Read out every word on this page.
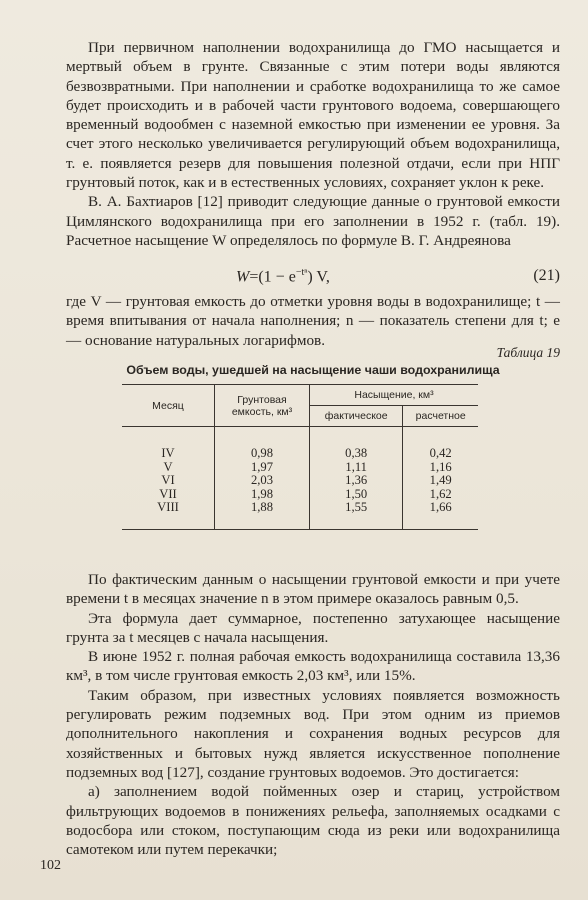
При первичном наполнении водохранилища до ГМО насыщается и мертвый объем в грунте. Связанные с этим потери воды являются безвозвратными. При наполнении и сработке водохранилища то же самое будет происходить и в рабочей части грунтового водоема, совершающего временный водообмен с наземной емкостью при изменении ее уровня. За счет этого несколько увеличивается регулирующий объем водохранилища, т. е. появляется резерв для повышения полезной отдачи, если при НПГ грунтовый поток, как и в естественных условиях, сохраняет уклон к реке.

В. А. Бахтиаров [12] приводит следующие данные о грунтовой емкости Цимлянского водохранилища при его заполнении в 1952 г. (табл. 19). Расчетное насыщение W определялось по формуле В. Г. Андреянова

$W=(1 - e^{-t^n})$ V,	(21)

где V — грунтовая емкость до отметки уровня воды в водохранилище; t — время впитывания от начала наполнения; n — показатель степени для t; e — основание натуральных логарифмов.

Таблица 19
Объем воды, ушедшей на насыщение чаши водохранилища
Месяц	Грунтовая емкость, км³	Насыщение, км³	
		фактическое	расчетное
IV	0,98	0,38	0,42
V	1,97	1,11	1,16
VI	2,03	1,36	1,49
VII	1,98	1,50	1,62
VIII	1,88	1,55	1,66

По фактическим данным о насыщении грунтовой емкости и при учете времени t в месяцах значение n в этом примере оказалось равным 0,5.

Эта формула дает суммарное, постепенно затухающее насыщение грунта за t месяцев с начала насыщения.

В июне 1952 г. полная рабочая емкость водохранилища составила 13,36 км³, в том числе грунтовая емкость 2,03 км³, или 15%.

Таким образом, при известных условиях появляется возможность регулировать режим подземных вод. При этом одним из приемов дополнительного накопления и сохранения водных ресурсов для хозяйственных и бытовых нужд является искусственное пополнение подземных вод [127], создание грунтовых водоемов. Это достигается:

а) заполнением водой пойменных озер и стариц, устройством фильтрующих водоемов в понижениях рельефа, заполняемых осадками с водосбора или стоком, поступающим сюда из реки или водохранилища самотеком или путем перекачки;

102
